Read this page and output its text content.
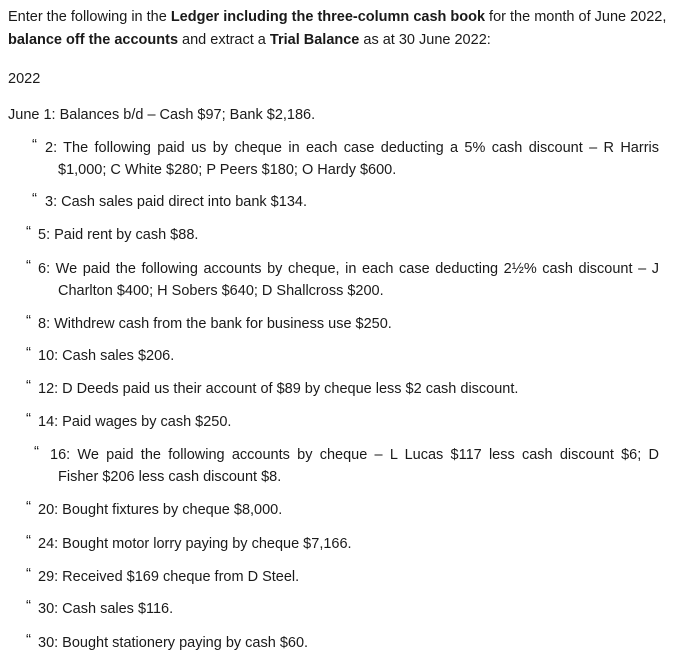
Enter the following in the Ledger including the three-column cash book for the month of June 2022, balance off the accounts and extract a Trial Balance as at 30 June 2022:
2022
June 1: Balances b/d – Cash $97; Bank $2,186.
“ 2: The following paid us by cheque in each case deducting a 5% cash discount – R Harris
$1,000; C White $280; P Peers $180; O Hardy $600.
“ 3: Cash sales paid direct into bank $134.
“ 5: Paid rent by cash $88.
“ 6: We paid the following accounts by cheque, in each case deducting 2½% cash discount – J
Charlton $400; H Sobers $640; D Shallcross $200.
“ 8: Withdrew cash from the bank for business use $250.
“ 10: Cash sales $206.
“ 12: D Deeds paid us their account of $89 by cheque less $2 cash discount.
“ 14: Paid wages by cash $250.
“ 16: We paid the following accounts by cheque – L Lucas $117 less cash discount $6; D
Fisher $206 less cash discount $8.
“ 20: Bought fixtures by cheque $8,000.
“ 24: Bought motor lorry paying by cheque $7,166.
“ 29: Received $169 cheque from D Steel.
“ 30: Cash sales $116.
“ 30: Bought stationery paying by cash $60.
